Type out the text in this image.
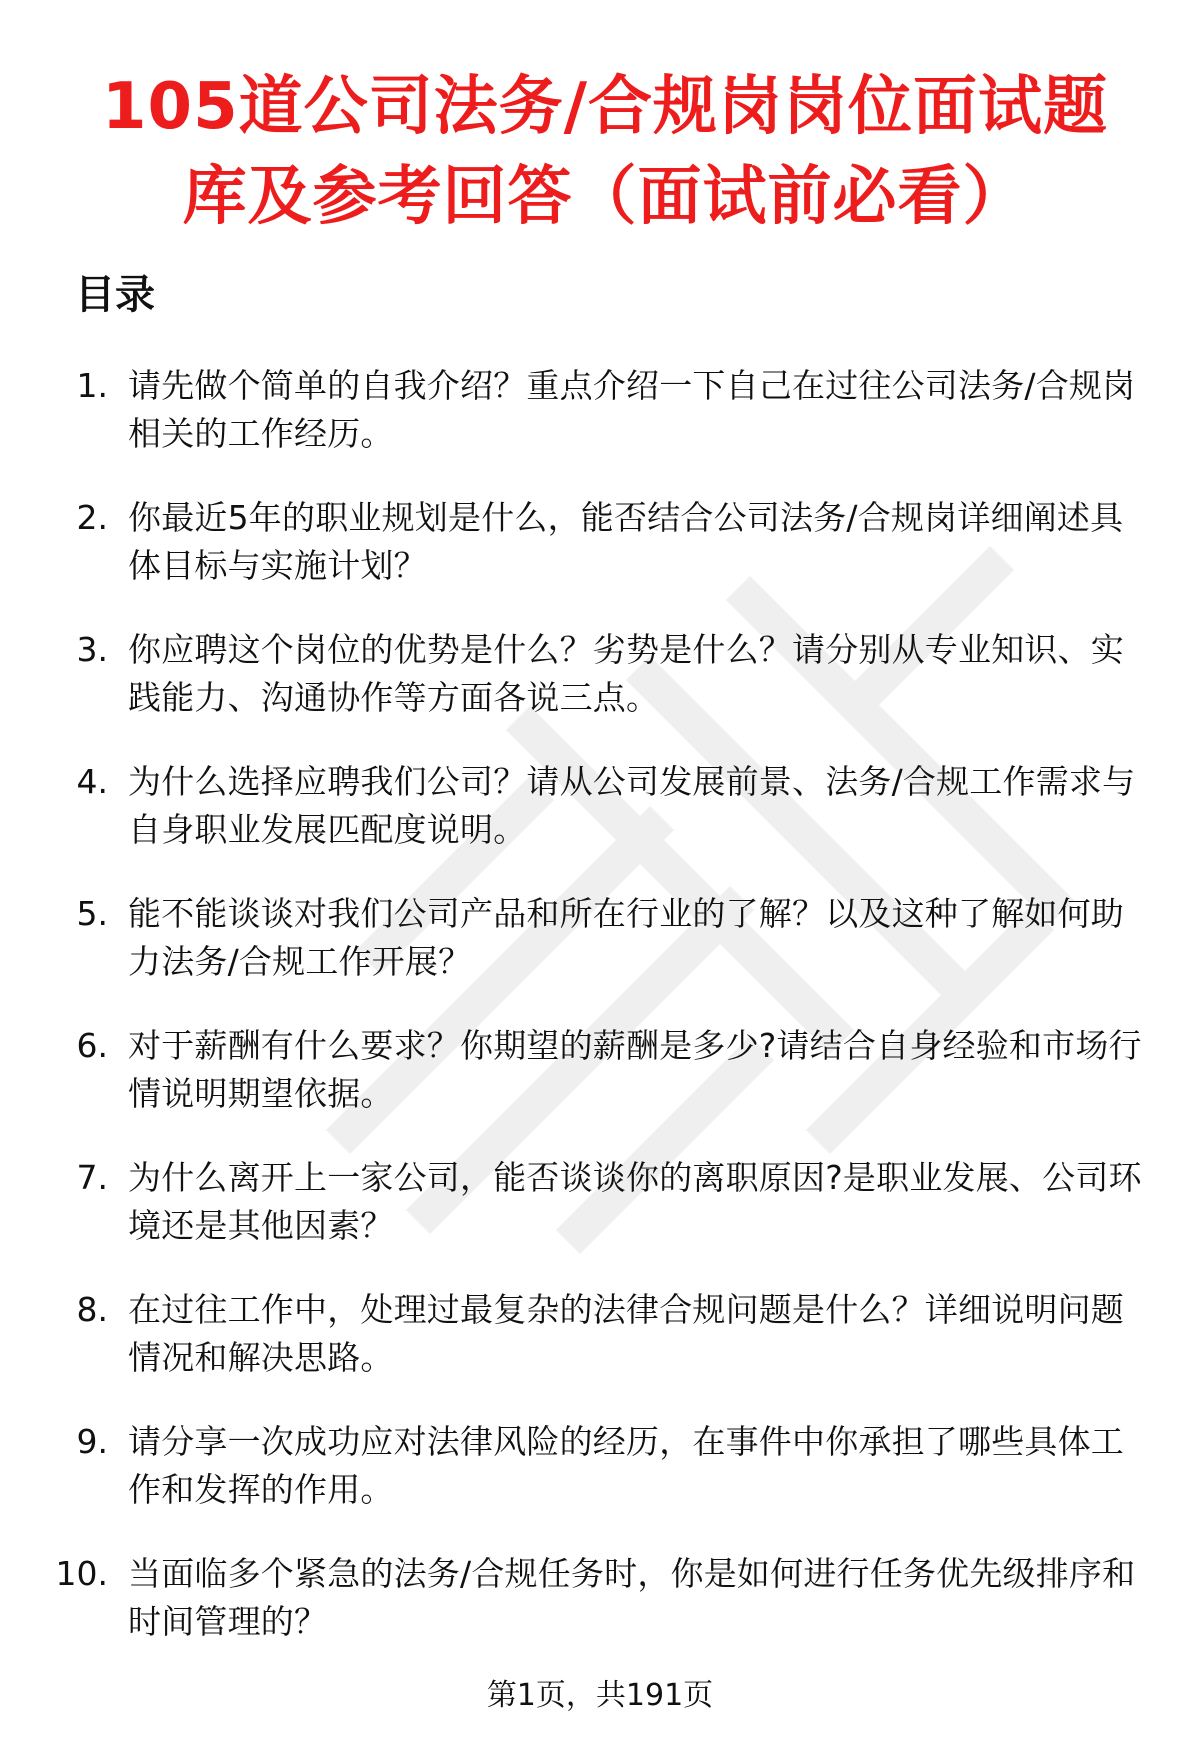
105道公司法务/合规岗岗位面试题
库及参考回答（面试前必看）
目录
1. 请先做个简单的自我介绍？重点介绍一下自己在过往公司法务/合规岗相关的工作经历。
2. 你最近5年的职业规划是什么，能否结合公司法务/合规岗详细阐述具体目标与实施计划？
3. 你应聘这个岗位的优势是什么？劣势是什么？请分别从专业知识、实践能力、沟通协作等方面各说三点。
4. 为什么选择应聘我们公司？请从公司发展前景、法务/合规工作需求与自身职业发展匹配度说明。
5. 能不能谈谈对我们公司产品和所在行业的了解？以及这种了解如何助力法务/合规工作开展？
6. 对于薪酬有什么要求？你期望的薪酬是多少?请结合自身经验和市场行情说明期望依据。
7. 为什么离开上一家公司，能否谈谈你的离职原因?是职业发展、公司环境还是其他因素？
8. 在过往工作中，处理过最复杂的法律合规问题是什么？详细说明问题情况和解决思路。
9. 请分享一次成功应对法律风险的经历，在事件中你承担了哪些具体工作和发挥的作用。
10. 当面临多个紧急的法务/合规任务时，你是如何进行任务优先级排序和时间管理的？
第1页，共191页
